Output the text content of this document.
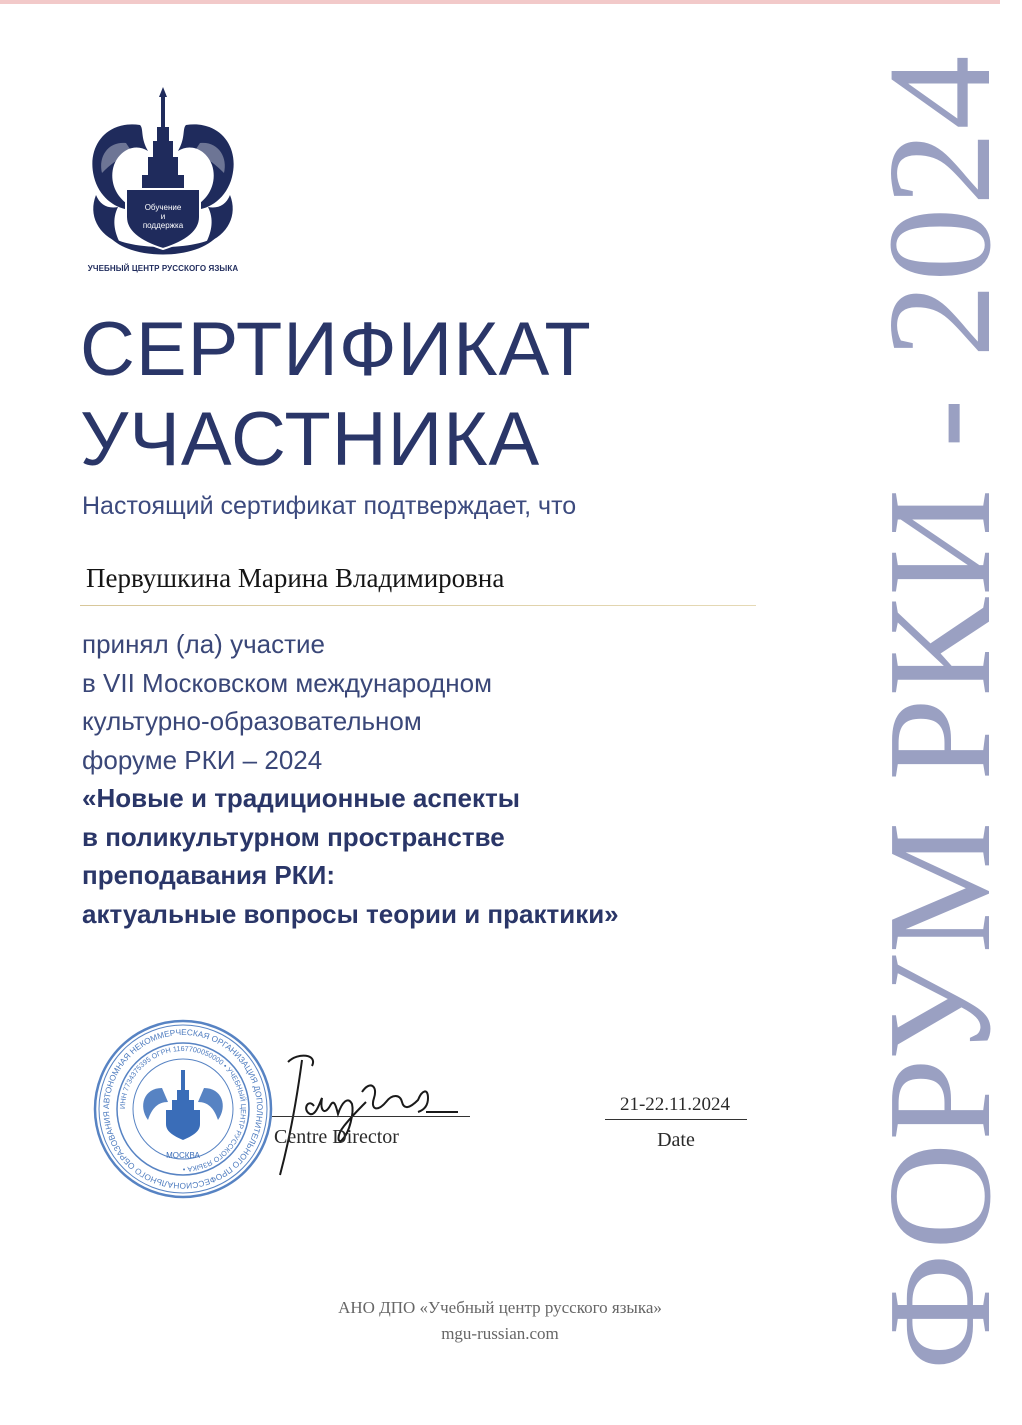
Обучение
и
поддержка
УЧЕБНЫЙ ЦЕНТР РУССКОГО ЯЗЫКА
СЕРТИФИКАТ
УЧАСТНИКА
Настоящий сертификат подтверждает, что
Первушкина Марина Владимировна
принял (ла) участие
в VII Московском международном
культурно-образовательном
форуме РКИ – 2024
«Новые и традиционные аспекты
в поликультурном пространстве
преподавания РКИ:
актуальные вопросы теории и практики»
АВТОНОМНАЯ НЕКОММЕРЧЕСКАЯ ОРГАНИЗАЦИЯ ДОПОЛНИТЕЛЬНОГО ПРОФЕССИОНАЛЬНОГО ОБРАЗОВАНИЯ
ИНН 7734375395 ОГРН 1167700050000 • УЧЕБНЫЙ ЦЕНТР РУССКОГО ЯЗЫКА •
МОСКВА
Centre Director
21-22.11.2024
Date
АНО ДПО «Учебный центр русского языка»
mgu-russian.com	ФОРУМ РКИ - 2024
